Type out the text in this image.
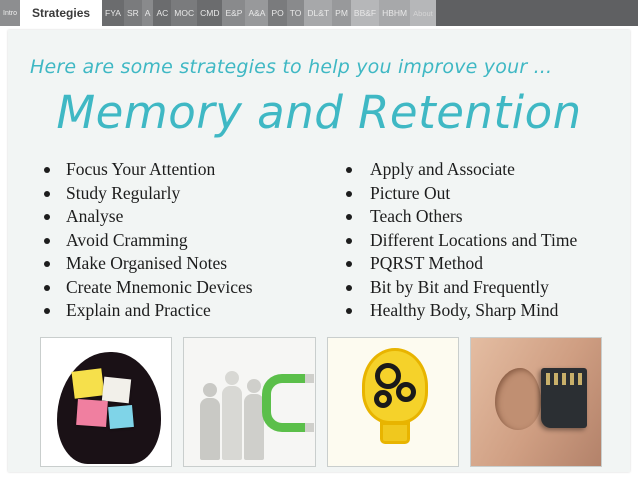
Intro	Strategies	FYA SR A AC MOC CMD E&P A&A PO TO DL&T PM BB&F HBHM About
Here are some strategies to help you improve your ...
Memory and Retention
Focus Your Attention
Study Regularly
Analyse
Avoid Cramming
Make Organised Notes
Create Mnemonic Devices
Explain and Practice
Apply and Associate
Picture Out
Teach Others
Different Locations and Time
PQRST Method
Bit by Bit and Frequently
Healthy Body, Sharp Mind
